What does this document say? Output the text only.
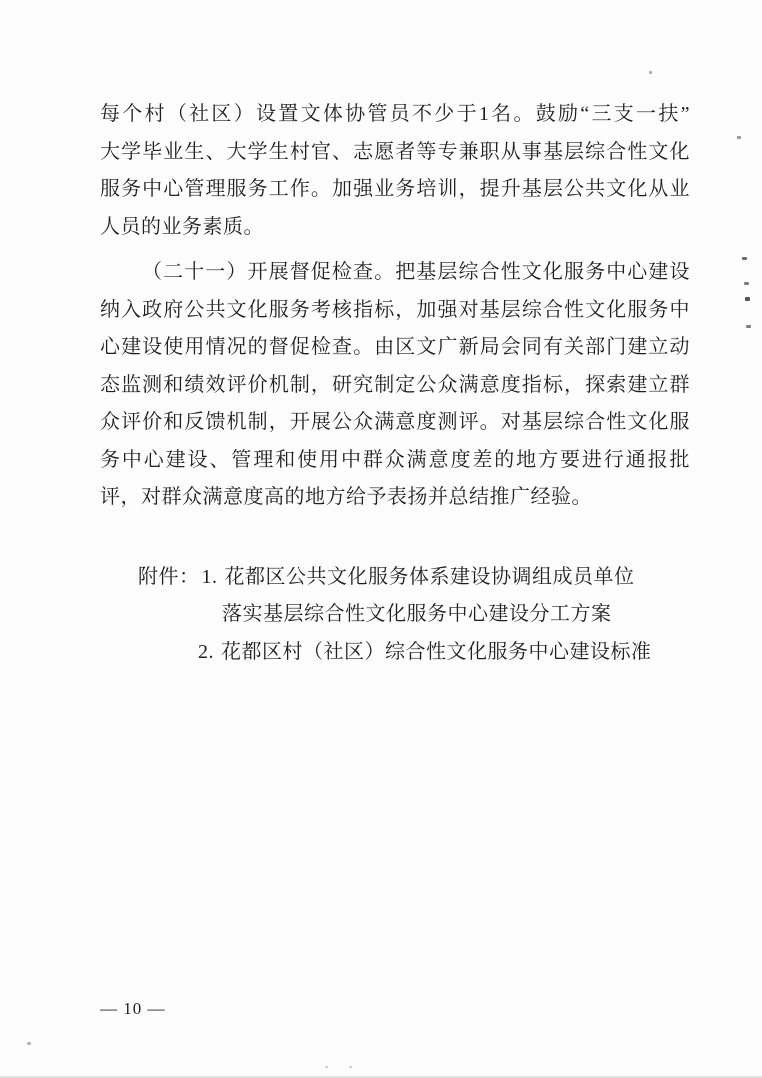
每个村（社区）设置文体协管员不少于1名。鼓励“三支一扶”
大学毕业生、大学生村官、志愿者等专兼职从事基层综合性文化
服务中心管理服务工作。加强业务培训，提升基层公共文化从业
人员的业务素质。
（二十一）开展督促检查。把基层综合性文化服务中心建设
纳入政府公共文化服务考核指标，加强对基层综合性文化服务中
心建设使用情况的督促检查。由区文广新局会同有关部门建立动
态监测和绩效评价机制，研究制定公众满意度指标，探索建立群
众评价和反馈机制，开展公众满意度测评。对基层综合性文化服
务中心建设、管理和使用中群众满意度差的地方要进行通报批
评，对群众满意度高的地方给予表扬并总结推广经验。
附件： 1. 花都区公共文化服务体系建设协调组成员单位
落实基层综合性文化服务中心建设分工方案
2. 花都区村（社区）综合性文化服务中心建设标准
— 10 —
